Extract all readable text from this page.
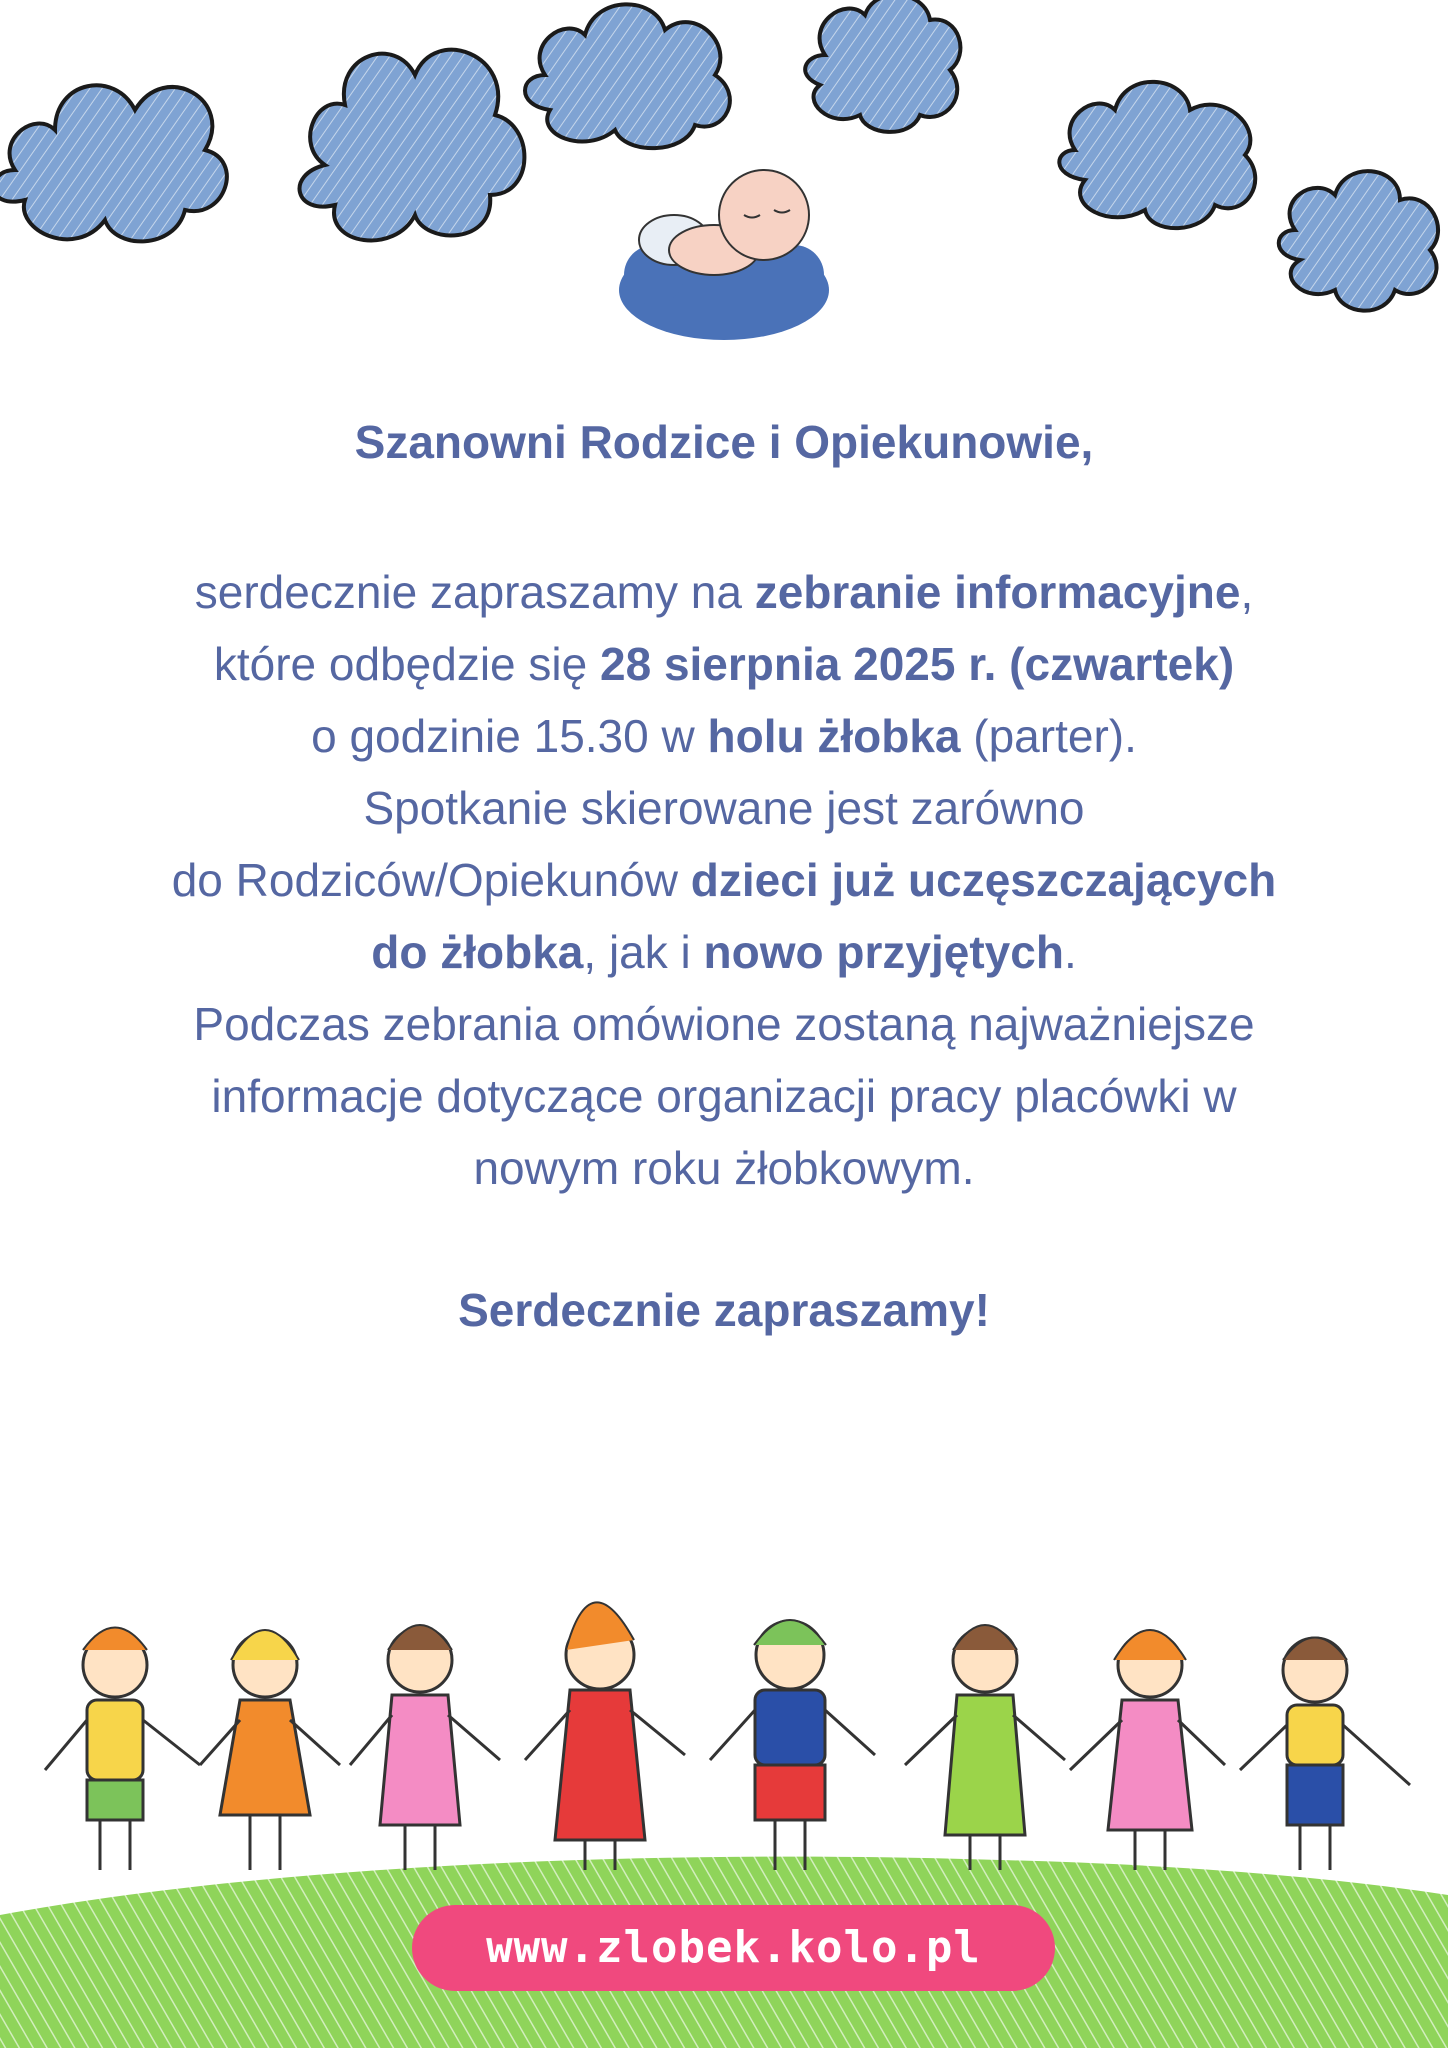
Szanowni Rodzice i Opiekunowie,
serdecznie zapraszamy na zebranie informacyjne,
które odbędzie się 28 sierpnia 2025 r. (czwartek)
o godzinie 15.30 w holu żłobka (parter).
Spotkanie skierowane jest zarówno
do Rodziców/Opiekunów dzieci już uczęszczających
do żłobka, jak i nowo przyjętych.
Podczas zebrania omówione zostaną najważniejsze
informacje dotyczące organizacji pracy placówki w
nowym roku żłobkowym.
Serdecznie zapraszamy!
www.zlobek.kolo.pl
